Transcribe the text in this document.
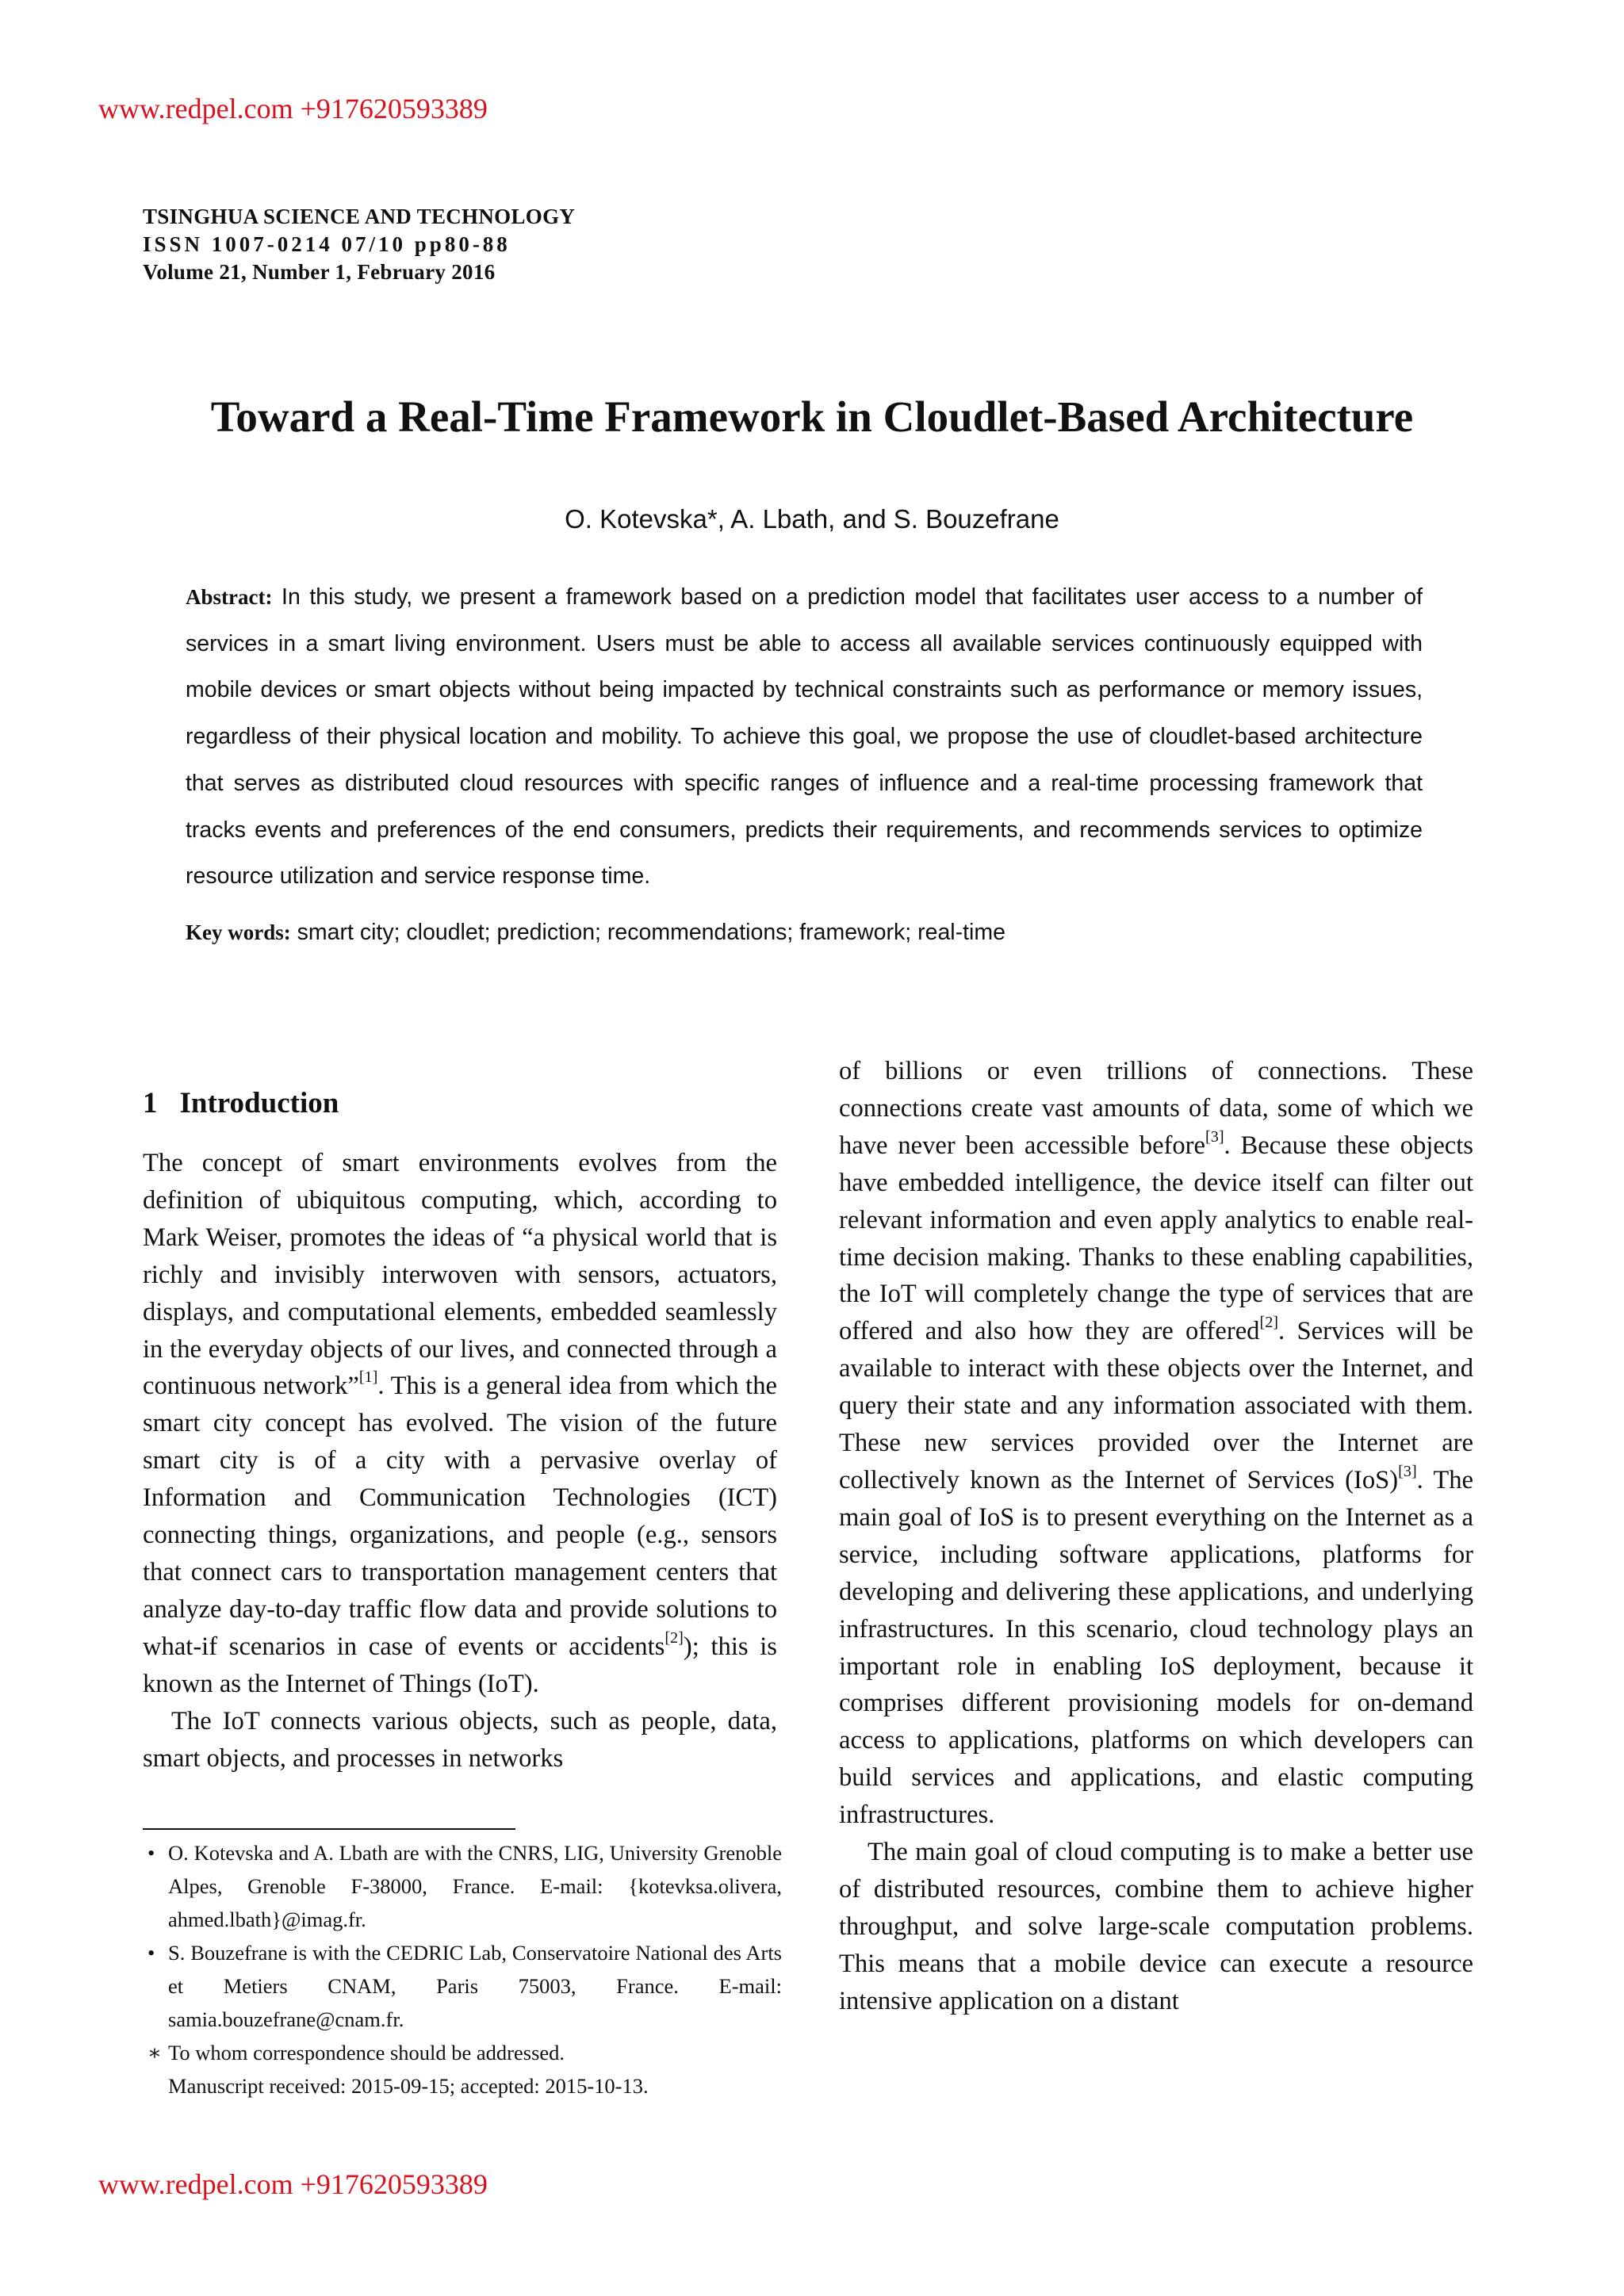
www.redpel.com +917620593389
TSINGHUA SCIENCE AND TECHNOLOGY
ISSN 1007-0214 07/10 pp80-88
Volume 21, Number 1, February 2016
Toward a Real-Time Framework in Cloudlet-Based Architecture
O. Kotevska*, A. Lbath, and S. Bouzefrane
Abstract: In this study, we present a framework based on a prediction model that facilitates user access to a number of services in a smart living environment. Users must be able to access all available services continuously equipped with mobile devices or smart objects without being impacted by technical constraints such as performance or memory issues, regardless of their physical location and mobility. To achieve this goal, we propose the use of cloudlet-based architecture that serves as distributed cloud resources with specific ranges of influence and a real-time processing framework that tracks events and preferences of the end consumers, predicts their requirements, and recommends services to optimize resource utilization and service response time.
Key words: smart city; cloudlet; prediction; recommendations; framework; real-time
1 Introduction

The concept of smart environments evolves from the definition of ubiquitous computing, which, according to Mark Weiser, promotes the ideas of “a physical world that is richly and invisibly interwoven with sensors, actuators, displays, and computational elements, embedded seamlessly in the everyday objects of our lives, and connected through a continuous network”[1]. This is a general idea from which the smart city concept has evolved. The vision of the future smart city is of a city with a pervasive overlay of Information and Communication Technologies (ICT) connecting things, organizations, and people (e.g., sensors that connect cars to transportation management centers that analyze day-to-day traffic flow data and provide solutions to what-if scenarios in case of events or accidents[2]); this is known as the Internet of Things (IoT).

The IoT connects various objects, such as people, data, smart objects, and processes in networks

• O. Kotevska and A. Lbath are with the CNRS, LIG, University Grenoble Alpes, Grenoble F-38000, France. E-mail: {kotevksa.olivera, ahmed.lbath}@imag.fr.
• S. Bouzefrane is with the CEDRIC Lab, Conservatoire National des Arts et Metiers CNAM, Paris 75003, France. E-mail: samia.bouzefrane@cnam.fr.
∗ To whom correspondence should be addressed.
Manuscript received: 2015-09-15; accepted: 2015-10-13.

of billions or even trillions of connections. These connections create vast amounts of data, some of which we have never been accessible before[3]. Because these objects have embedded intelligence, the device itself can filter out relevant information and even apply analytics to enable real-time decision making. Thanks to these enabling capabilities, the IoT will completely change the type of services that are offered and also how they are offered[2]. Services will be available to interact with these objects over the Internet, and query their state and any information associated with them. These new services provided over the Internet are collectively known as the Internet of Services (IoS)[3]. The main goal of IoS is to present everything on the Internet as a service, including software applications, platforms for developing and delivering these applications, and underlying infrastructures. In this scenario, cloud technology plays an important role in enabling IoS deployment, because it comprises different provisioning models for on-demand access to applications, platforms on which developers can build services and applications, and elastic computing infrastructures.

The main goal of cloud computing is to make a better use of distributed resources, combine them to achieve higher throughput, and solve large-scale computation problems. This means that a mobile device can execute a resource intensive application on a distant

www.redpel.com +917620593389
